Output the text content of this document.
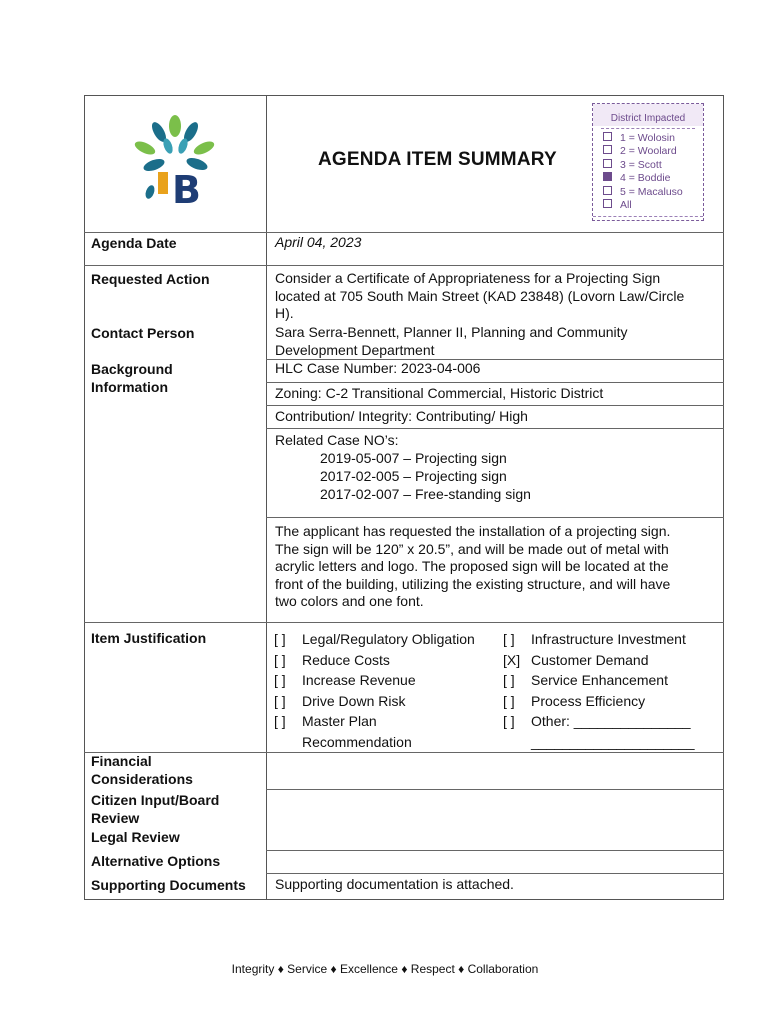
B
AGENDA ITEM SUMMARY
District Impacted
1 = Wolosin
2 = Woolard
3 = Scott
4 = Boddie
5 = Macaluso
All
Agenda Date
Requested Action
Contact Person
Background
Information
Item Justification
Financial
Considerations
Citizen Input/Board
Review
Legal Review
Alternative Options
Supporting Documents
April 04, 2023
Consider a Certificate of Appropriateness for a Projecting Sign
located at 705 South Main Street (KAD 23848) (Lovorn Law/Circle
H).
Sara Serra-Bennett, Planner II, Planning and Community
Development Department
HLC Case Number: 2023-04-006
Zoning: C-2 Transitional Commercial, Historic District
Contribution/ Integrity: Contributing/ High
Related Case NO’s:
2019-05-007 – Projecting sign
2017-02-005 – Projecting sign
2017-02-007 – Free-standing sign
The applicant has requested the installation of a projecting sign.
The sign will be 120” x 20.5”, and will be made out of metal with
acrylic letters and logo. The proposed sign will be located at the
front of the building, utilizing the existing structure, and will have
two colors and one font.
[ ] Legal/Regulatory Obligation
[ ] Reduce Costs
[ ] Increase Revenue
[ ] Drive Down Risk
[ ] Master Plan
Recommendation
[ ] Infrastructure Investment
[X] Customer Demand
[ ] Service Enhancement
[ ] Process Efficiency
[ ] Other: _______________
_____________________
Supporting documentation is attached.
Integrity ♦ Service ♦ Excellence ♦ Respect ♦ Collaboration
